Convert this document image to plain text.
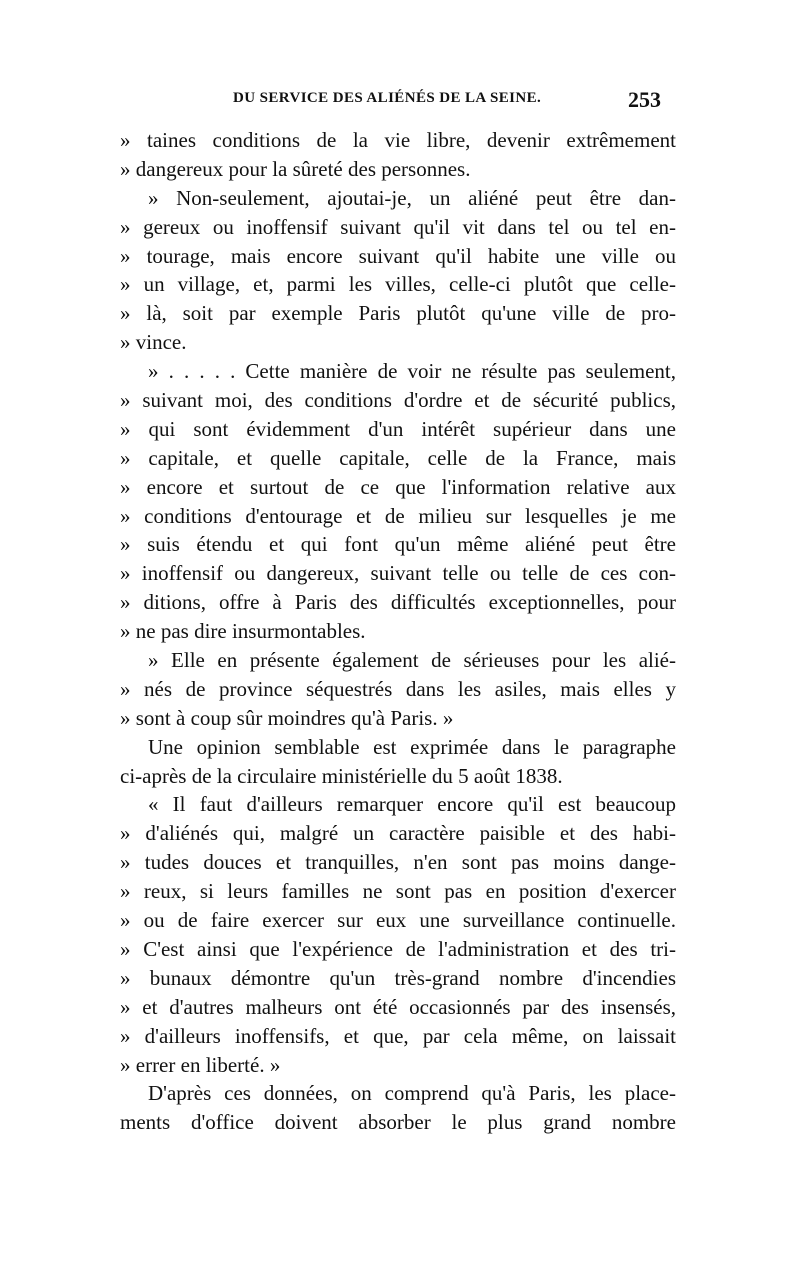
DU SERVICE DES ALIÉNÉS DE LA SEINE.	253
» taines conditions de la vie libre, devenir extrêmement
» dangereux pour la sûreté des personnes.
» Non-seulement, ajoutai-je, un aliéné peut être dan-
» gereux ou inoffensif suivant qu'il vit dans tel ou tel en-
» tourage, mais encore suivant qu'il habite une ville ou
» un village, et, parmi les villes, celle-ci plutôt que celle-
» là, soit par exemple Paris plutôt qu'une ville de pro-
» vince.
» . . . . . Cette manière de voir ne résulte pas seulement,
» suivant moi, des conditions d'ordre et de sécurité publics,
» qui sont évidemment d'un intérêt supérieur dans une
» capitale, et quelle capitale, celle de la France, mais
» encore et surtout de ce que l'information relative aux
» conditions d'entourage et de milieu sur lesquelles je me
» suis étendu et qui font qu'un même aliéné peut être
» inoffensif ou dangereux, suivant telle ou telle de ces con-
» ditions, offre à Paris des difficultés exceptionnelles, pour
» ne pas dire insurmontables.
» Elle en présente également de sérieuses pour les alié-
» nés de province séquestrés dans les asiles, mais elles y
» sont à coup sûr moindres qu'à Paris. »
Une opinion semblable est exprimée dans le paragraphe
ci-après de la circulaire ministérielle du 5 août 1838.
« Il faut d'ailleurs remarquer encore qu'il est beaucoup
» d'aliénés qui, malgré un caractère paisible et des habi-
» tudes douces et tranquilles, n'en sont pas moins dange-
» reux, si leurs familles ne sont pas en position d'exercer
» ou de faire exercer sur eux une surveillance continuelle.
» C'est ainsi que l'expérience de l'administration et des tri-
» bunaux démontre qu'un très-grand nombre d'incendies
» et d'autres malheurs ont été occasionnés par des insensés,
» d'ailleurs inoffensifs, et que, par cela même, on laissait
» errer en liberté. »
D'après ces données, on comprend qu'à Paris, les place-
ments d'office doivent absorber le plus grand nombre
